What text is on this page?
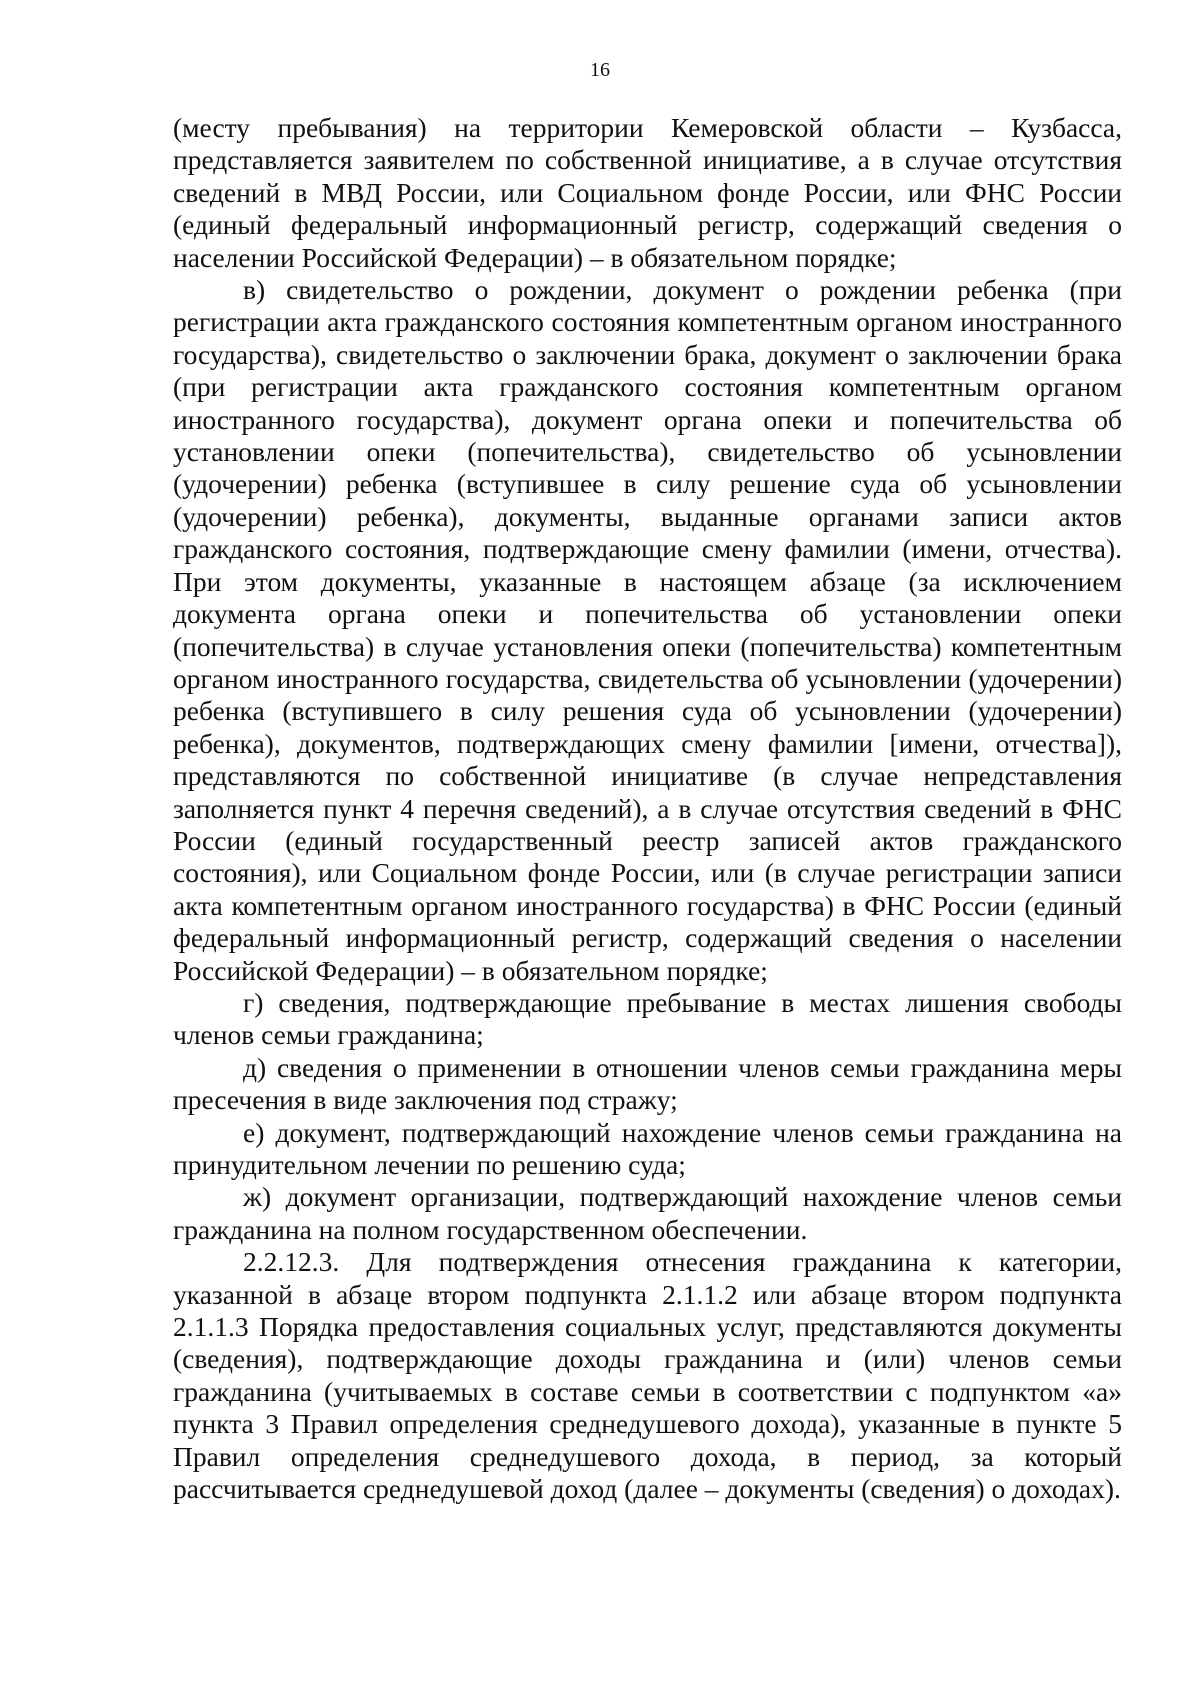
16

(месту пребывания) на территории Кемеровской области – Кузбасса, представляется заявителем по собственной инициативе, а в случае отсутствия сведений в МВД России, или Социальном фонде России, или ФНС России (единый федеральный информационный регистр, содержащий сведения о населении Российской Федерации) – в обязательном порядке;

в) свидетельство о рождении, документ о рождении ребенка (при регистрации акта гражданского состояния компетентным органом иностранного государства), свидетельство о заключении брака, документ о заключении брака (при регистрации акта гражданского состояния компетентным органом иностранного государства), документ органа опеки и попечительства об установлении опеки (попечительства), свидетельство об усыновлении (удочерении) ребенка (вступившее в силу решение суда об усыновлении (удочерении) ребенка), документы, выданные органами записи актов гражданского состояния, подтверждающие смену фамилии (имени, отчества). При этом документы, указанные в настоящем абзаце (за исключением документа органа опеки и попечительства об установлении опеки (попечительства) в случае установления опеки (попечительства) компетентным органом иностранного государства, свидетельства об усыновлении (удочерении) ребенка (вступившего в силу решения суда об усыновлении (удочерении) ребенка), документов, подтверждающих смену фамилии [имени, отчества]), представляются по собственной инициативе (в случае непредставления заполняется пункт 4 перечня сведений), а в случае отсутствия сведений в ФНС России (единый государственный реестр записей актов гражданского состояния), или Социальном фонде России, или (в случае регистрации записи акта компетентным органом иностранного государства) в ФНС России (единый федеральный информационный регистр, содержащий сведения о населении Российской Федерации) – в обязательном порядке;

г) сведения, подтверждающие пребывание в местах лишения свободы членов семьи гражданина;

д) сведения о применении в отношении членов семьи гражданина меры пресечения в виде заключения под стражу;

е) документ, подтверждающий нахождение членов семьи гражданина на принудительном лечении по решению суда;

ж) документ организации, подтверждающий нахождение членов семьи гражданина на полном государственном обеспечении.

2.2.12.3. Для подтверждения отнесения гражданина к категории, указанной в абзаце втором подпункта 2.1.1.2 или абзаце втором подпункта 2.1.1.3 Порядка предоставления социальных услуг, представляются документы (сведения), подтверждающие доходы гражданина и (или) членов семьи гражданина (учитываемых в составе семьи в соответствии с подпунктом «а» пункта 3 Правил определения среднедушевого дохода), указанные в пункте 5 Правил определения среднедушевого дохода, в период, за который рассчитывается среднедушевой доход (далее – документы (сведения) о доходах).
